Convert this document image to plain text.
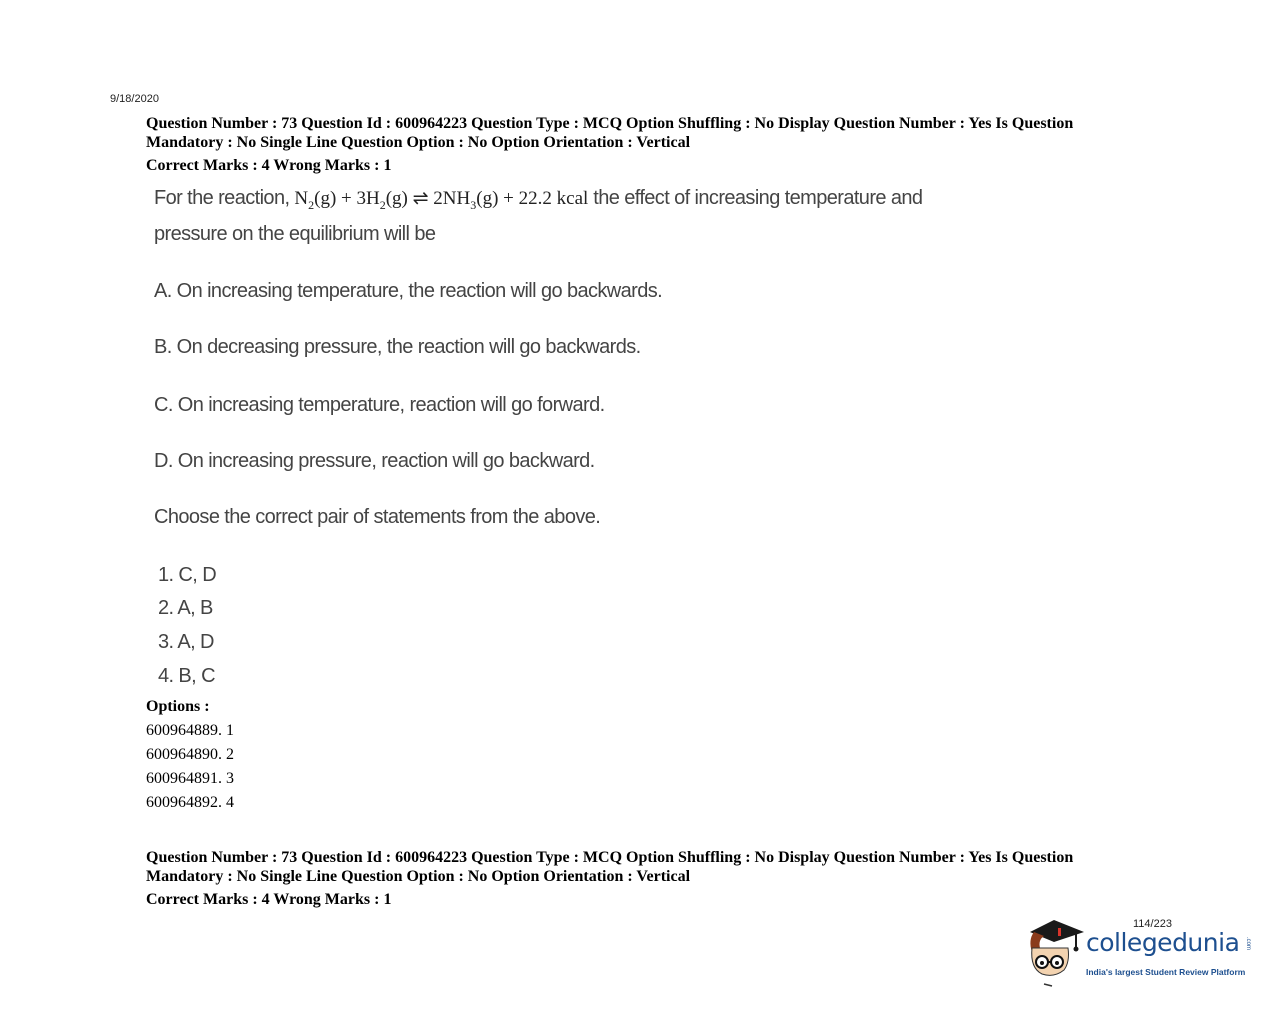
9/18/2020

Question Number : 73 Question Id : 600964223 Question Type : MCQ Option Shuffling : No Display Question Number : Yes Is Question

Mandatory : No Single Line Question Option : No Option Orientation : Vertical

Correct Marks : 4 Wrong Marks : 1
For the reaction, $N_2(g) + 3H_2(g)$ ⇌ $2NH_3(g) + 22.2$ kcal the effect of increasing temperature and
pressure on the equilibrium will be
A. On increasing temperature, the reaction will go backwards.
B. On decreasing pressure, the reaction will go backwards.
C. On increasing temperature, reaction will go forward.
D. On increasing pressure, reaction will go backward.
Choose the correct pair of statements from the above.
1. C, D
2. A, B
3. A, D
4. B, C
Options :
600964889. 1
600964890. 2
600964891. 3
600964892. 4

Question Number : 73 Question Id : 600964223 Question Type : MCQ Option Shuffling : No Display Question Number : Yes Is Question

Mandatory : No Single Line Question Option : No Option Orientation : Vertical

Correct Marks : 4 Wrong Marks : 1
114/223
collegedunia .com
India's largest Student Review Platform
